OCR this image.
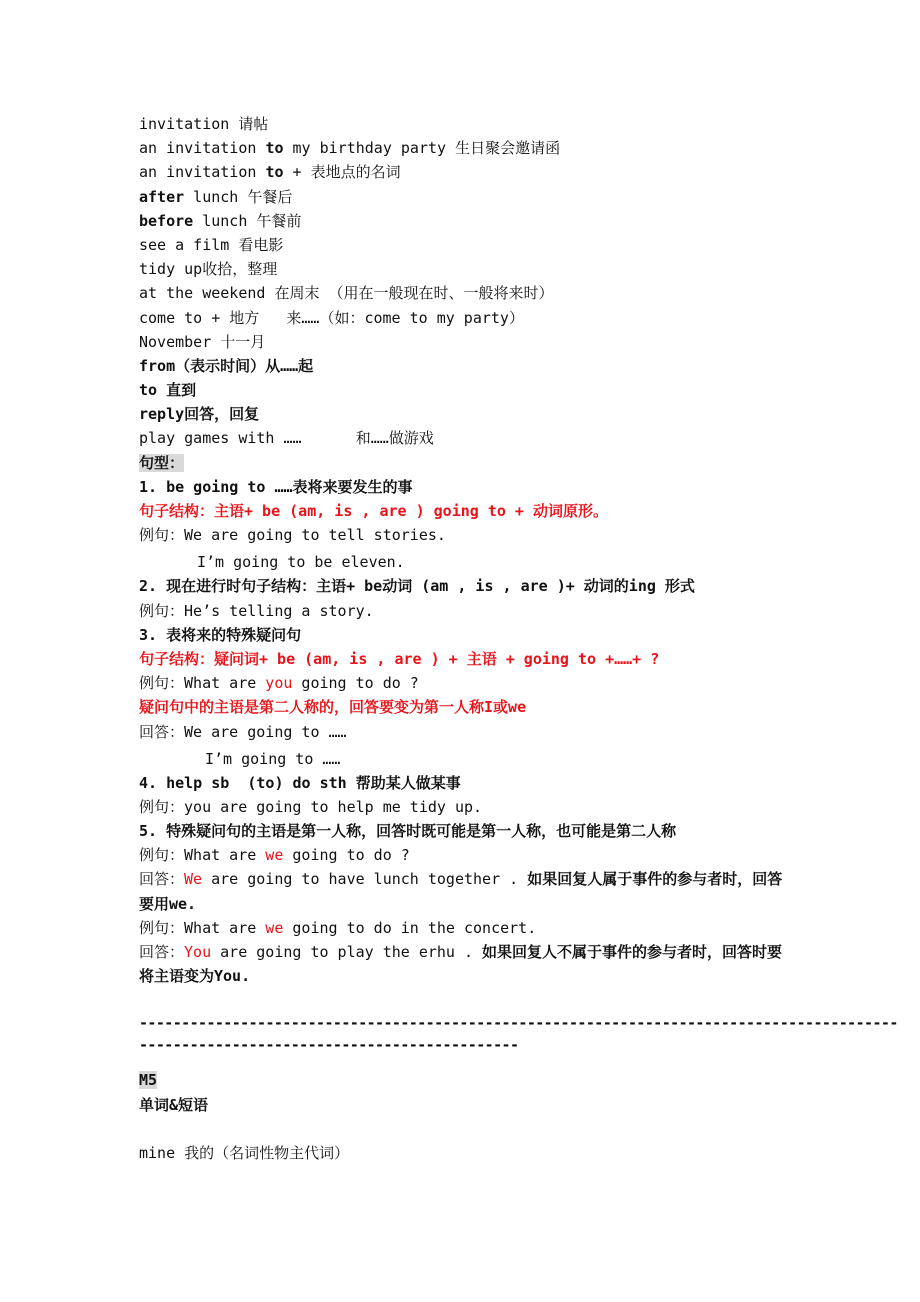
invitation 请帖
an invitation to my birthday party 生日聚会邀请函
an invitation to + 表地点的名词
after lunch 午餐后
before lunch 午餐前
see a film 看电影
tidy up收拾，整理
at the weekend 在周末 （用在一般现在时、一般将来时）
come to + 地方   来……（如：come to my party）
November 十一月
from（表示时间）从……起
to 直到
reply回答，回复
play games with ……      和……做游戏
句型：
1. be going to ……表将来要发生的事
句子结构：主语+ be (am, is , are ) going to + 动词原形。
例句：We are going to tell stories.
I’m going to be eleven.
2. 现在进行时句子结构：主语+ be动词 (am , is , are )+ 动词的ing 形式
例句：He’s telling a story.
3. 表将来的特殊疑问句
句子结构：疑问词+ be (am, is , are ) + 主语 + going to +……+ ?
例句：What are you going to do ?
疑问句中的主语是第二人称的，回答要变为第一人称I或we
回答：We are going to ……
I’m going to ……
4. help sb  (to) do sth 帮助某人做某事
例句：you are going to help me tidy up.
5. 特殊疑问句的主语是第一人称，回答时既可能是第一人称，也可能是第二人称
例句：What are we going to do ?
回答：We are going to have lunch together . 如果回复人属于事件的参与者时，回答要用we.
例句：What are we going to do in the concert.
回答：You are going to play the erhu . 如果回复人不属于事件的参与者时，回答时要将主语变为You.
------------------------------------------------------------------------------------------
---------------------------------------------
M5
单词&短语
mine 我的（名词性物主代词）
